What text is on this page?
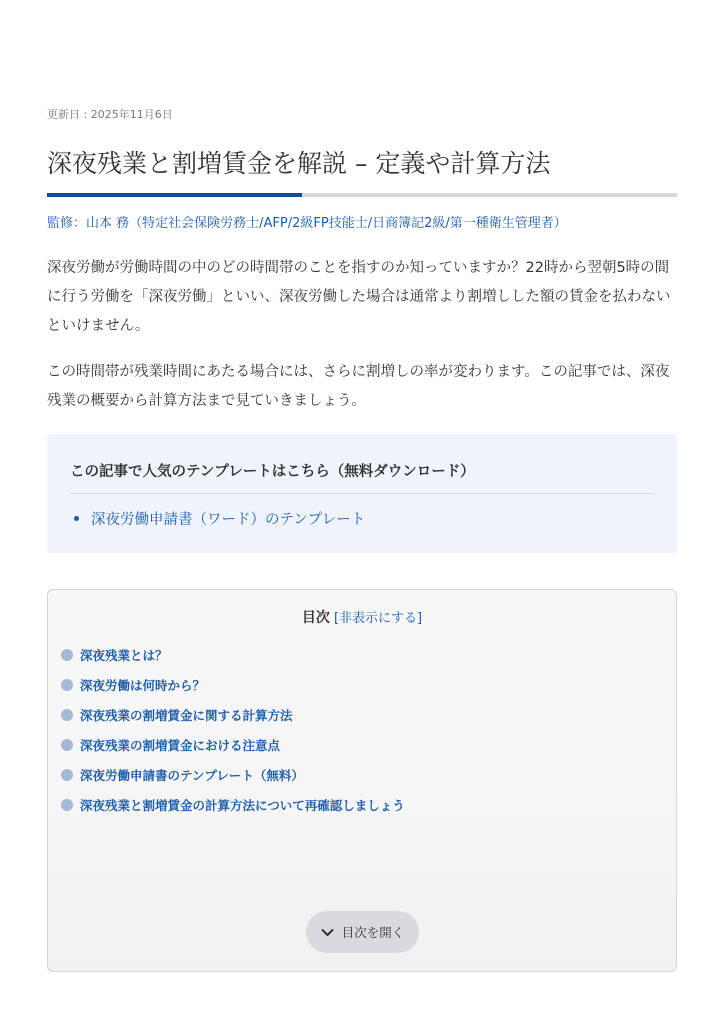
更新日 : 2025年11月6日
深夜残業と割増賃金を解説 – 定義や計算方法
監修：山本 務（特定社会保険労務士/AFP/2級FP技能士/日商簿記2級/第一種衛生管理者）

深夜労働が労働時間の中のどの時間帯のことを指すのか知っていますか？22時から翌朝5時の間に行う労働を「深夜労働」といい、深夜労働した場合は通常より割増しした額の賃金を払わないといけません。

この時間帯が残業時間にあたる場合には、さらに割増しの率が変わります。この記事では、深夜残業の概要から計算方法まで見ていきましょう。

この記事で人気のテンプレートはこちら（無料ダウンロード）
深夜労働申請書（ワード）のテンプレート
目次 [非表示にする]
深夜残業とは？
深夜労働は何時から？
深夜残業の割増賃金に関する計算方法
深夜残業の割増賃金における注意点
深夜労働申請書のテンプレート（無料）
深夜残業と割増賃金の計算方法について再確認しましょう
目次を開く
